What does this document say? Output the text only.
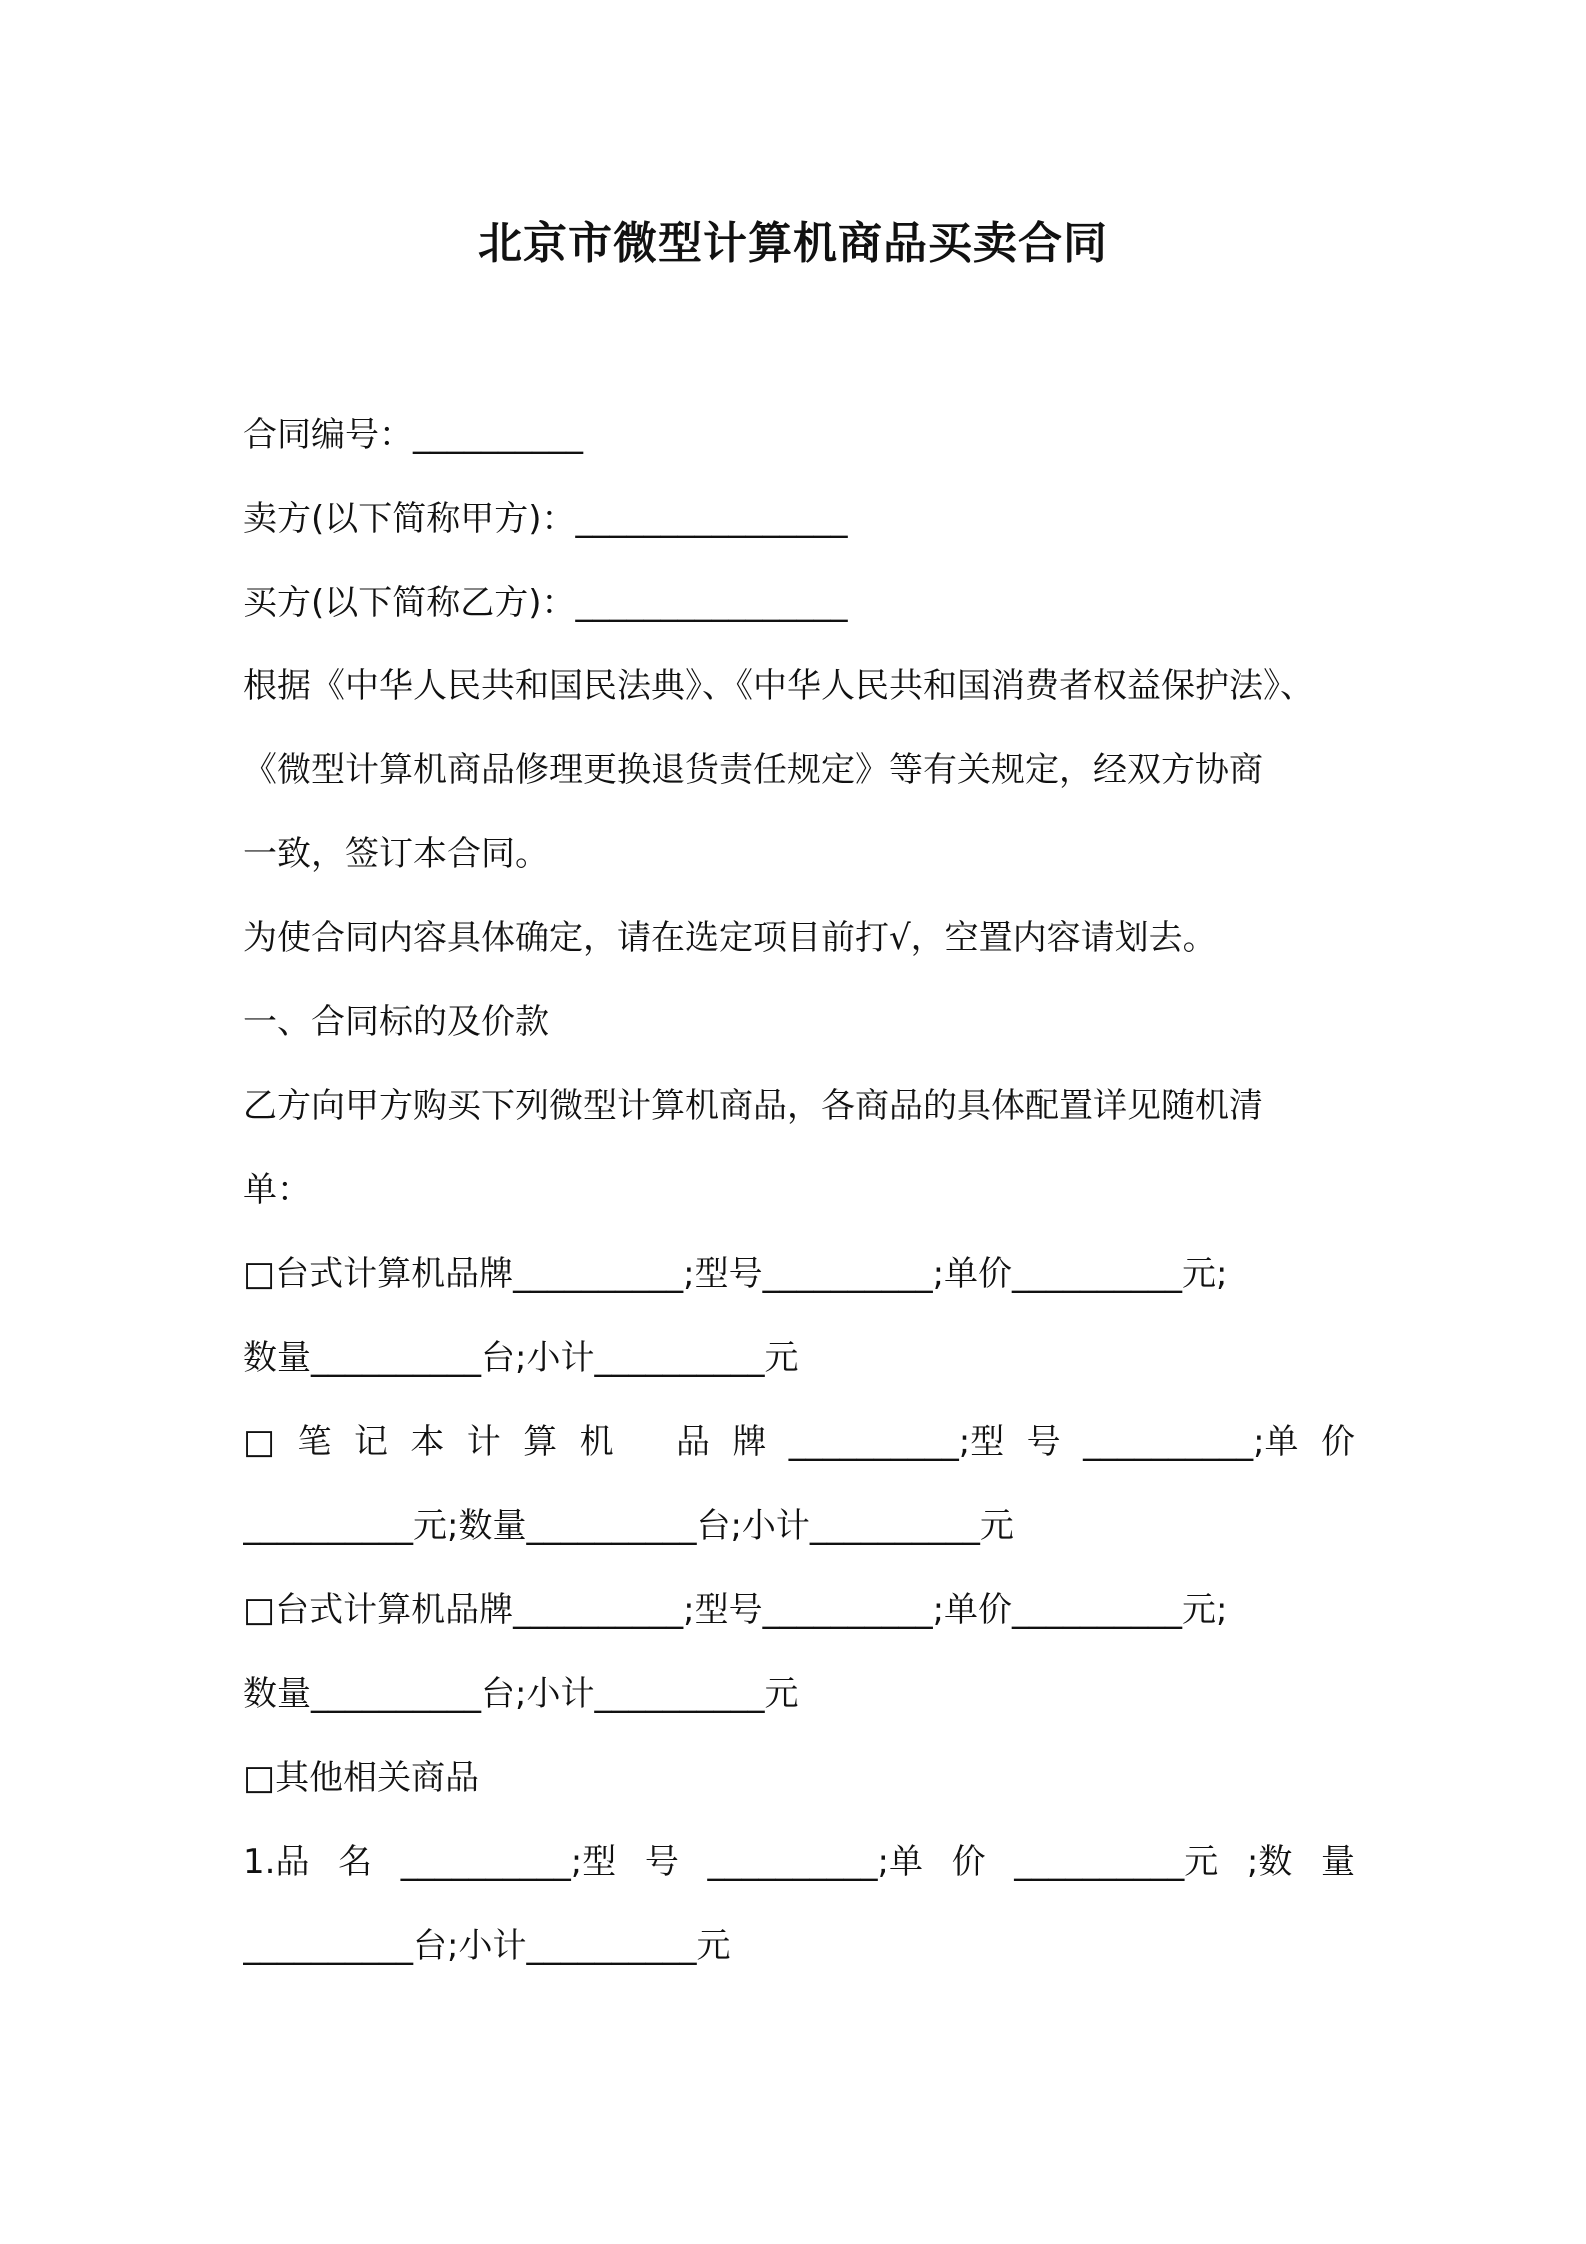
北京市微型计算机商品买卖合同
合同编号：__________
卖方(以下简称甲方)：________________
买方(以下简称乙方)：________________
根据《中华人民共和国民法典》、《中华人民共和国消费者权益保护法》、
《微型计算机商品修理更换退货责任规定》等有关规定，经双方协商
一致，签订本合同。
为使合同内容具体确定，请在选定项目前打√，空置内容请划去。
一、合同标的及价款
乙方向甲方购买下列微型计算机商品，各商品的具体配置详见随机清
单：
□台式计算机品牌__________;型号__________;单价__________元;
数量__________台;小计__________元
□ 笔 记 本 计 算 机 品 牌 __________;型 号 __________;单 价
__________元;数量__________台;小计__________元
□台式计算机品牌__________;型号__________;单价__________元;
数量__________台;小计__________元
□其他相关商品
1.品 名 __________;型 号 __________;单 价 __________元 ;数 量
__________台;小计__________元
